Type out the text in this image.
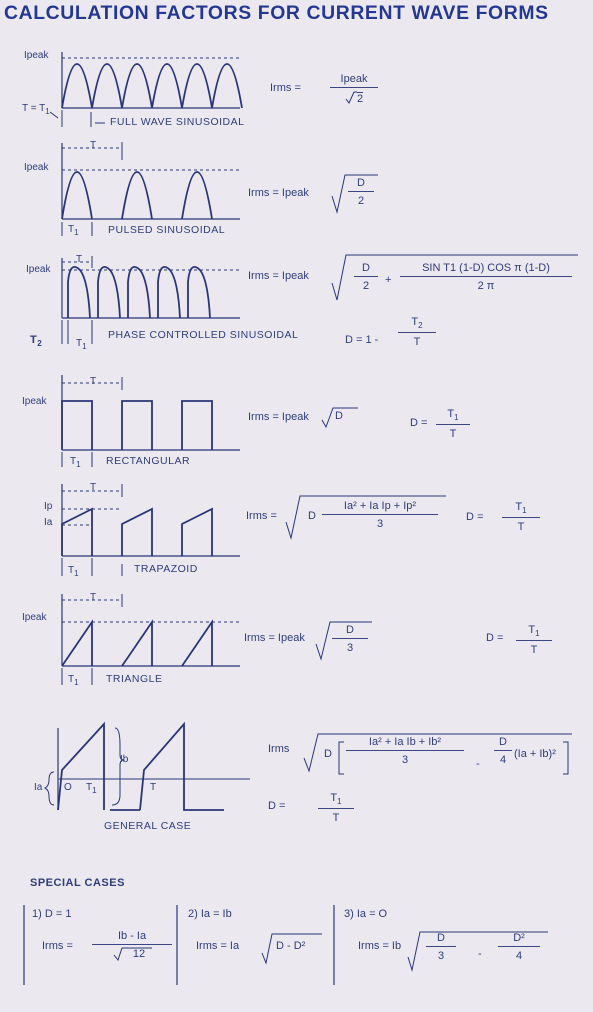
CALCULATION FACTORS FOR CURRENT WAVE FORMS
Ipeak
$T = T_1$
FULL WAVE SINUSOIDAL
Irms =
Ipeak
2
Ipeak
T
$T_1$	PULSED SINUSOIDAL
Irms = Ipeak
D
2
Ipeak
T
$T_2$	$T_1$
PHASE CONTROLLED SINUSOIDAL
Irms = Ipeak
D
2	+
SIN T1 (1-D) COS π (1-D)
2 π
D = 1 -
$T_2$
T
Ipeak
T
$T_1$ RECTANGULAR
Irms = Ipeak D
D =
$T_1$
T
Ip
Ia
T
$T_1$	TRAPAZOID
Irms =	D
Ia² + Ia Ip + Ip²
3
D =
$T_1$
T
Ipeak
T
$T_1$	TRIANGLE
Irms = Ipeak
D
3
D =
$T_1$
T
Ib
Ia O $T_1$	T
GENERAL CASE
Irms	D
Ia² + Ia Ib + Ib²
3	-
D
4 (Ia + Ib)²
D =
$T_1$
T
SPECIAL CASES
1) D = 1
Irms =
Ib - Ia
12
2) Ia = Ib
Irms = Ia	D - D²
3) Ia = O
Irms = Ib
D
3	-
D²
4
